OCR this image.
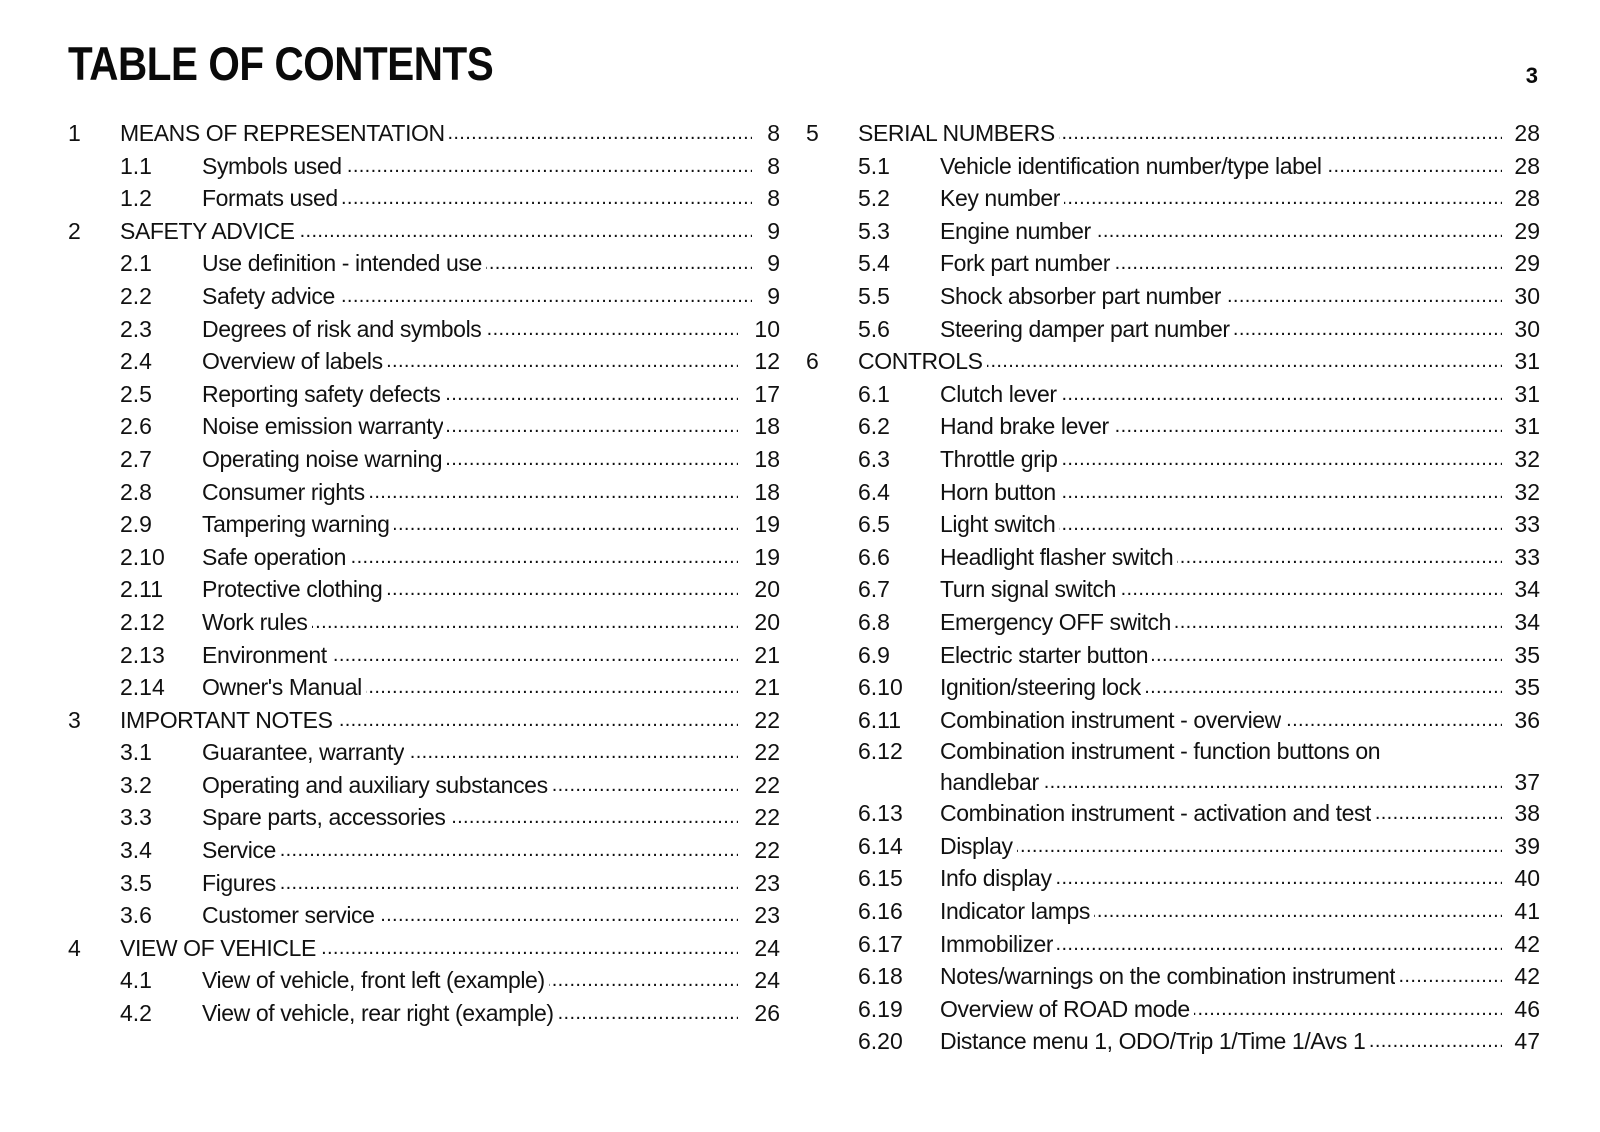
TABLE OF CONTENTS	3
1	MEANS OF REPRESENTATION . . .	8
1.1	Symbols used . . .	8
1.2	Formats used . . .	8
2	SAFETY ADVICE . . .	9
2.1	Use definition - intended use . . .	9
2.2	Safety advice . . .	9
2.3	Degrees of risk and symbols . . .	10
2.4	Overview of labels . . .	12
2.5	Reporting safety defects . . .	17
2.6	Noise emission warranty . . .	18
2.7	Operating noise warning . . .	18
2.8	Consumer rights . . .	18
2.9	Tampering warning . . .	19
2.10	Safe operation . . .	19
2.11	Protective clothing . . .	20
2.12	Work rules . . .	20
2.13	Environment . . .	21
2.14	Owner's Manual . . .	21
3	IMPORTANT NOTES . . .	22
3.1	Guarantee, warranty . . .	22
3.2	Operating and auxiliary substances . . .	22
3.3	Spare parts, accessories . . .	22
3.4	Service . . .	22
3.5	Figures . . .	23
3.6	Customer service . . .	23
4	VIEW OF VEHICLE . . .	24
4.1	View of vehicle, front left (example) . . .	24
4.2	View of vehicle, rear right (example) . . .	26
5	SERIAL NUMBERS . . .	28
5.1	Vehicle identification number/type label . . .	28
5.2	Key number . . .	28
5.3	Engine number . . .	29
5.4	Fork part number . . .	29
5.5	Shock absorber part number . . .	30
5.6	Steering damper part number . . .	30
6	CONTROLS . . .	31
6.1	Clutch lever . . .	31
6.2	Hand brake lever . . .	31
6.3	Throttle grip . . .	32
6.4	Horn button . . .	32
6.5	Light switch . . .	33
6.6	Headlight flasher switch . . .	33
6.7	Turn signal switch . . .	34
6.8	Emergency OFF switch . . .	34
6.9	Electric starter button . . .	35
6.10	Ignition/steering lock . . .	35
6.11	Combination instrument - overview . . .	36
6.12	Combination instrument - function buttons on
handlebar . . .	37
6.13	Combination instrument - activation and test . . .	38
6.14	Display . . .	39
6.15	Info display . . .	40
6.16	Indicator lamps . . .	41
6.17	Immobilizer . . .	42
6.18	Notes/warnings on the combination instrument . . .	42
6.19	Overview of ROAD mode . . .	46
6.20	Distance menu 1, ODO/Trip 1/Time 1/Avs 1 . . .	47
